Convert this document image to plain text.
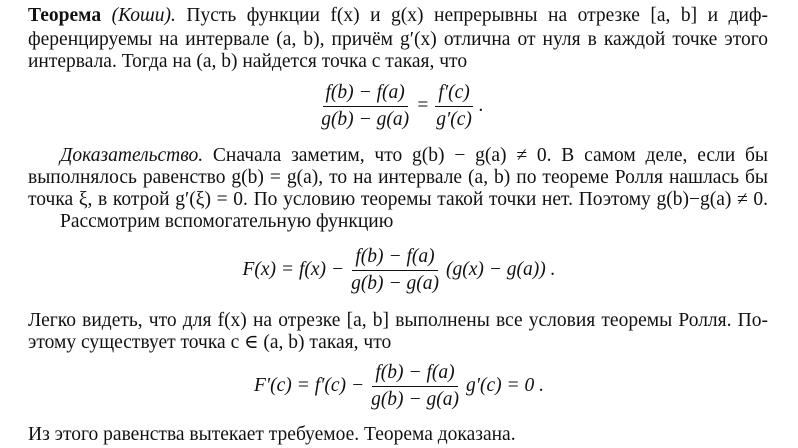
Теорема (Коши). Пусть функции f(x) и g(x) непрерывны на отрезке [a, b] и диф-
ференцируемы на интервале (a, b), причём g′(x) отлична от нуля в каждой точке этого
интервала. Тогда на (a, b) найдется точка c такая, что
$\frac{f(b) - f(a)}{g(b) - g(a)} = \frac{f'(c)}{g'(c)}$ .
Доказательство. Сначала заметим, что g(b) − g(a) ≠ 0. В самом деле, если бы
выполнялось равенство g(b) = g(a), то на интервале (a, b) по теореме Ролля нашлась бы
точка ξ, в котрой g′(ξ) = 0. По условию теоремы такой точки нет. Поэтому g(b)−g(a) ≠ 0.
Рассмотрим вспомогательную функцию
$F(x) = f(x) - \frac{f(b) - f(a)}{g(b) - g(a)} (g(x) - g(a))$ .
Легко видеть, что для f(x) на отрезке [a, b] выполнены все условия теоремы Ролля. По-
этому существует точка c ∈ (a, b) такая, что
$F'(c) = f'(c) - \frac{f(b) - f(a)}{g(b) - g(a)} g'(c) = 0$ .
Из этого равенства вытекает требуемое. Теорема доказана.
